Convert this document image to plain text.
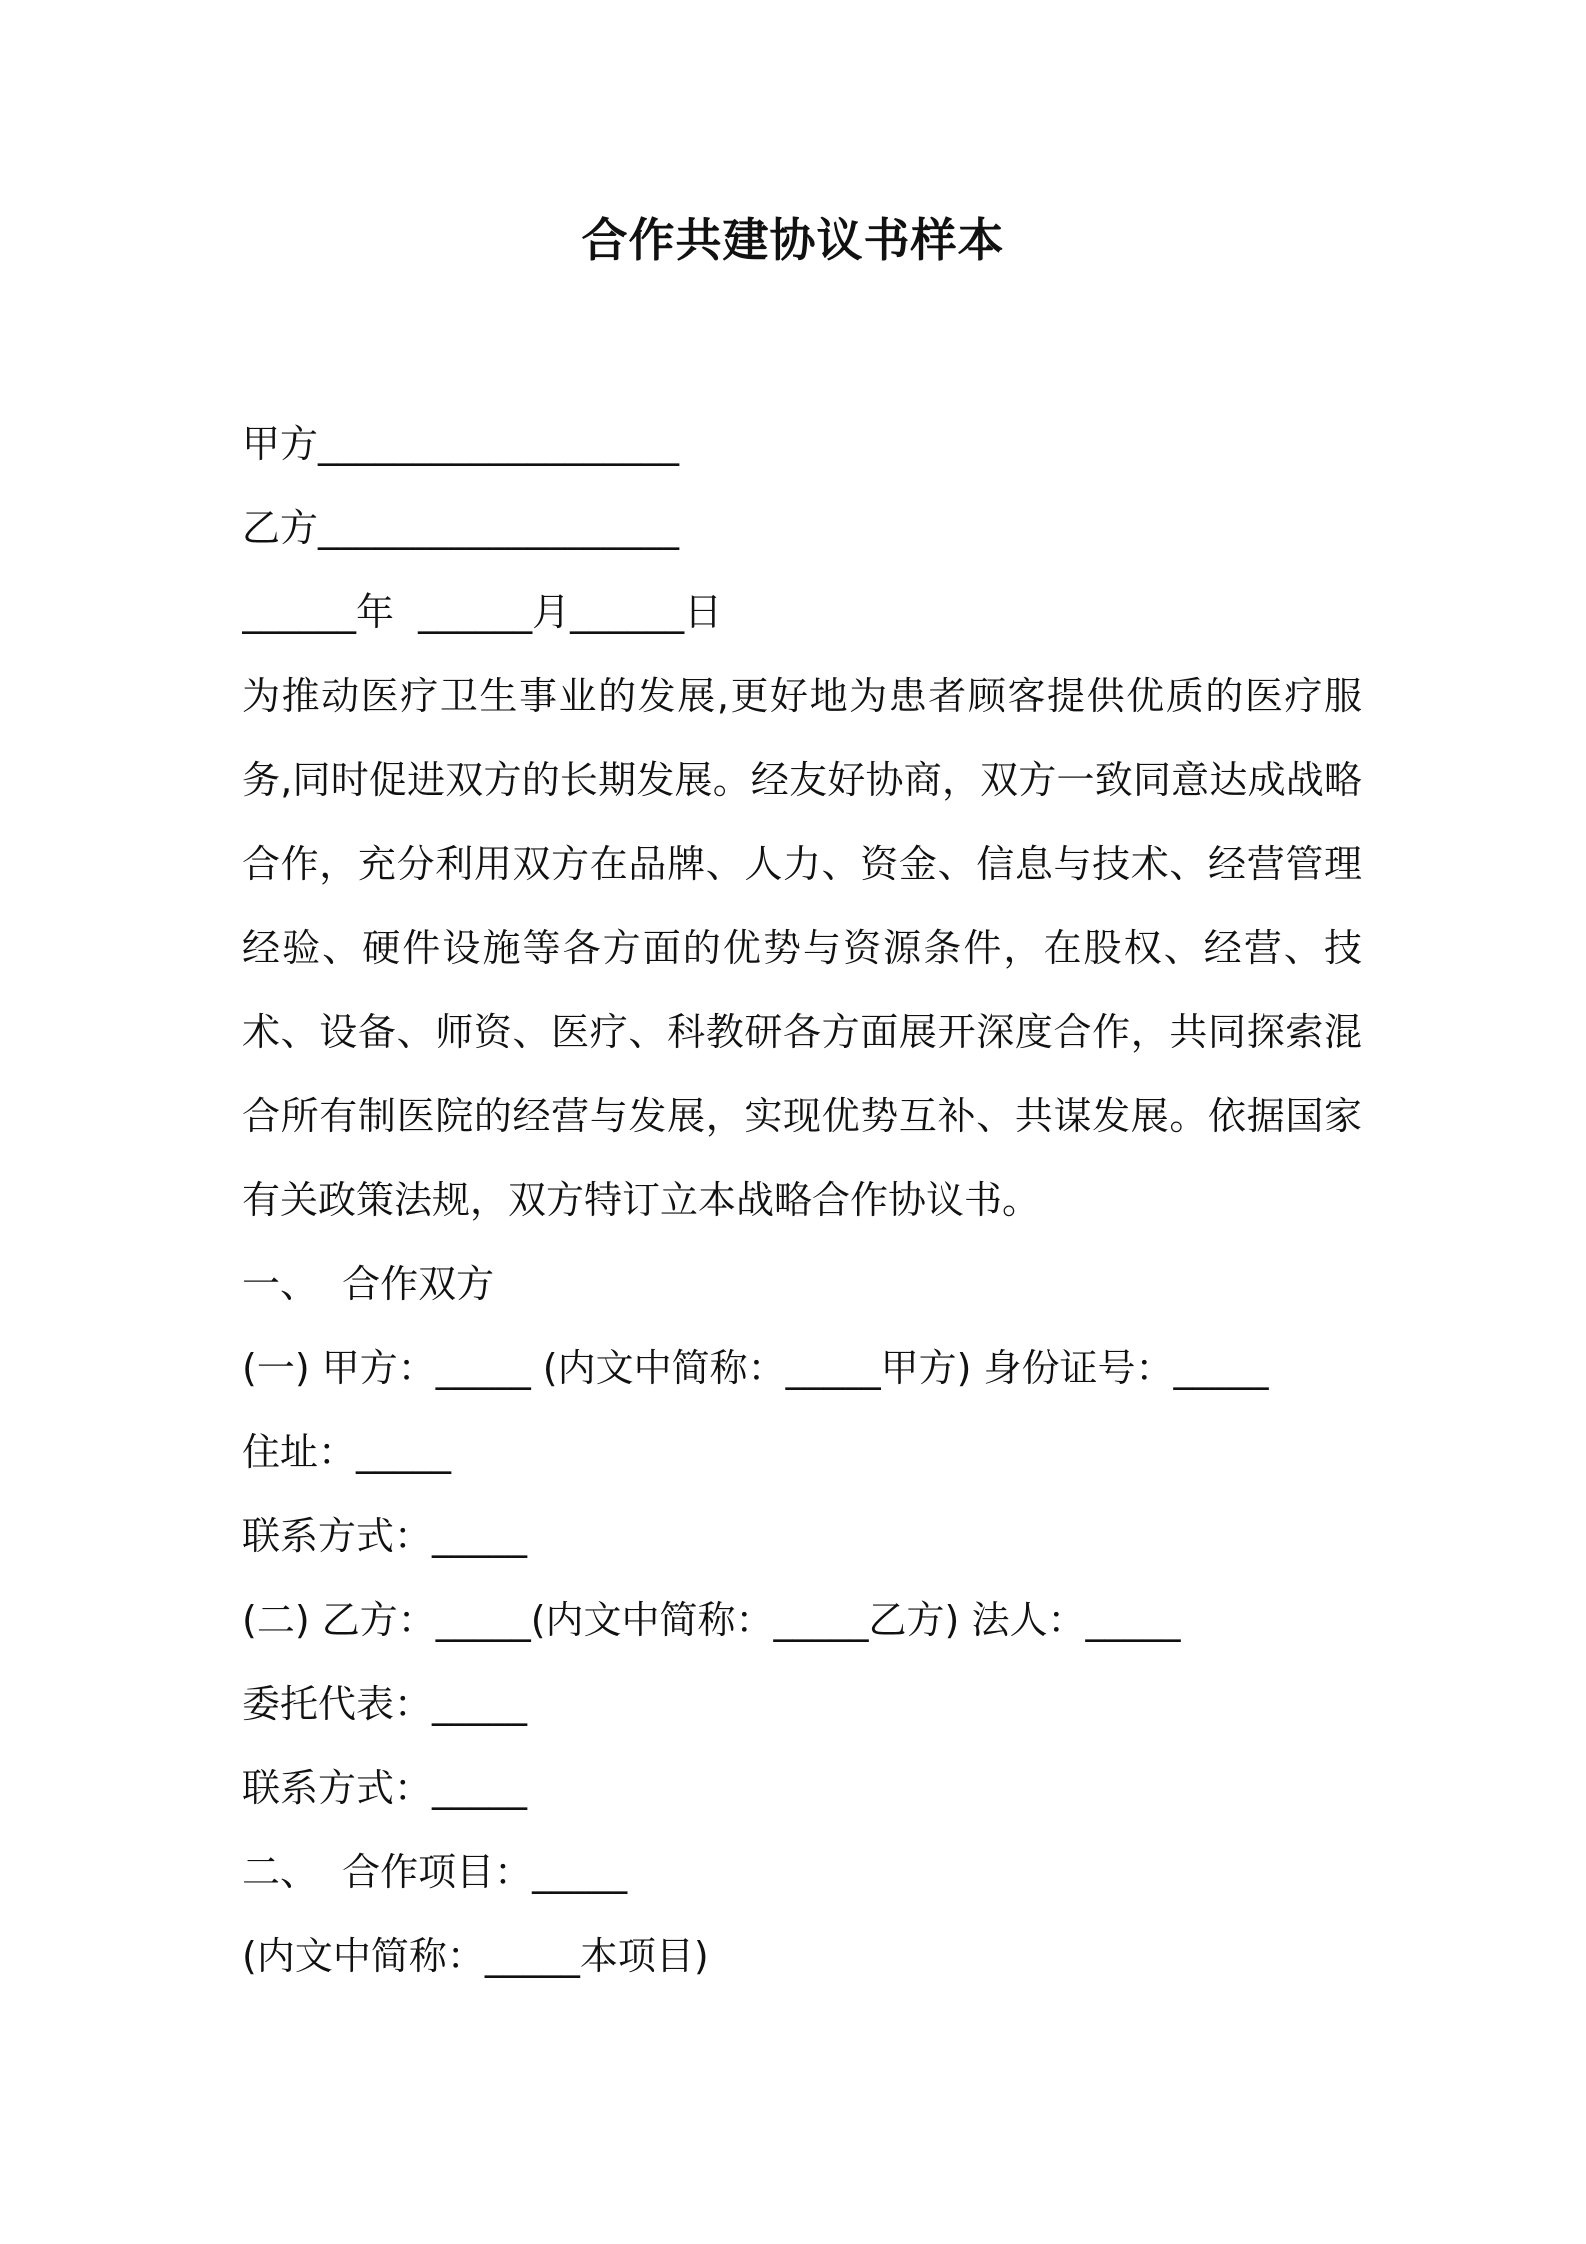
合作共建协议书样本
甲方___________________
乙方___________________
______年  ______月______日
为推动医疗卫生事业的发展,更好地为患者顾客提供优质的医疗服务,同时促进双方的长期发展。经友好协商，双方一致同意达成战略合作，充分利用双方在品牌、人力、资金、信息与技术、经营管理经验、硬件设施等各方面的优势与资源条件，在股权、经营、技术、设备、师资、医疗、科教研各方面展开深度合作，共同探索混合所有制医院的经营与发展，实现优势互补、共谋发展。依据国家有关政策法规，双方特订立本战略合作协议书。
一、  合作双方
(一) 甲方：_____ (内文中简称：_____甲方) 身份证号：_____
住址：_____
联系方式：_____
(二) 乙方：_____(内文中简称：_____乙方) 法人：_____
委托代表：_____
联系方式：_____
二、  合作项目：_____
(内文中简称：_____本项目)
